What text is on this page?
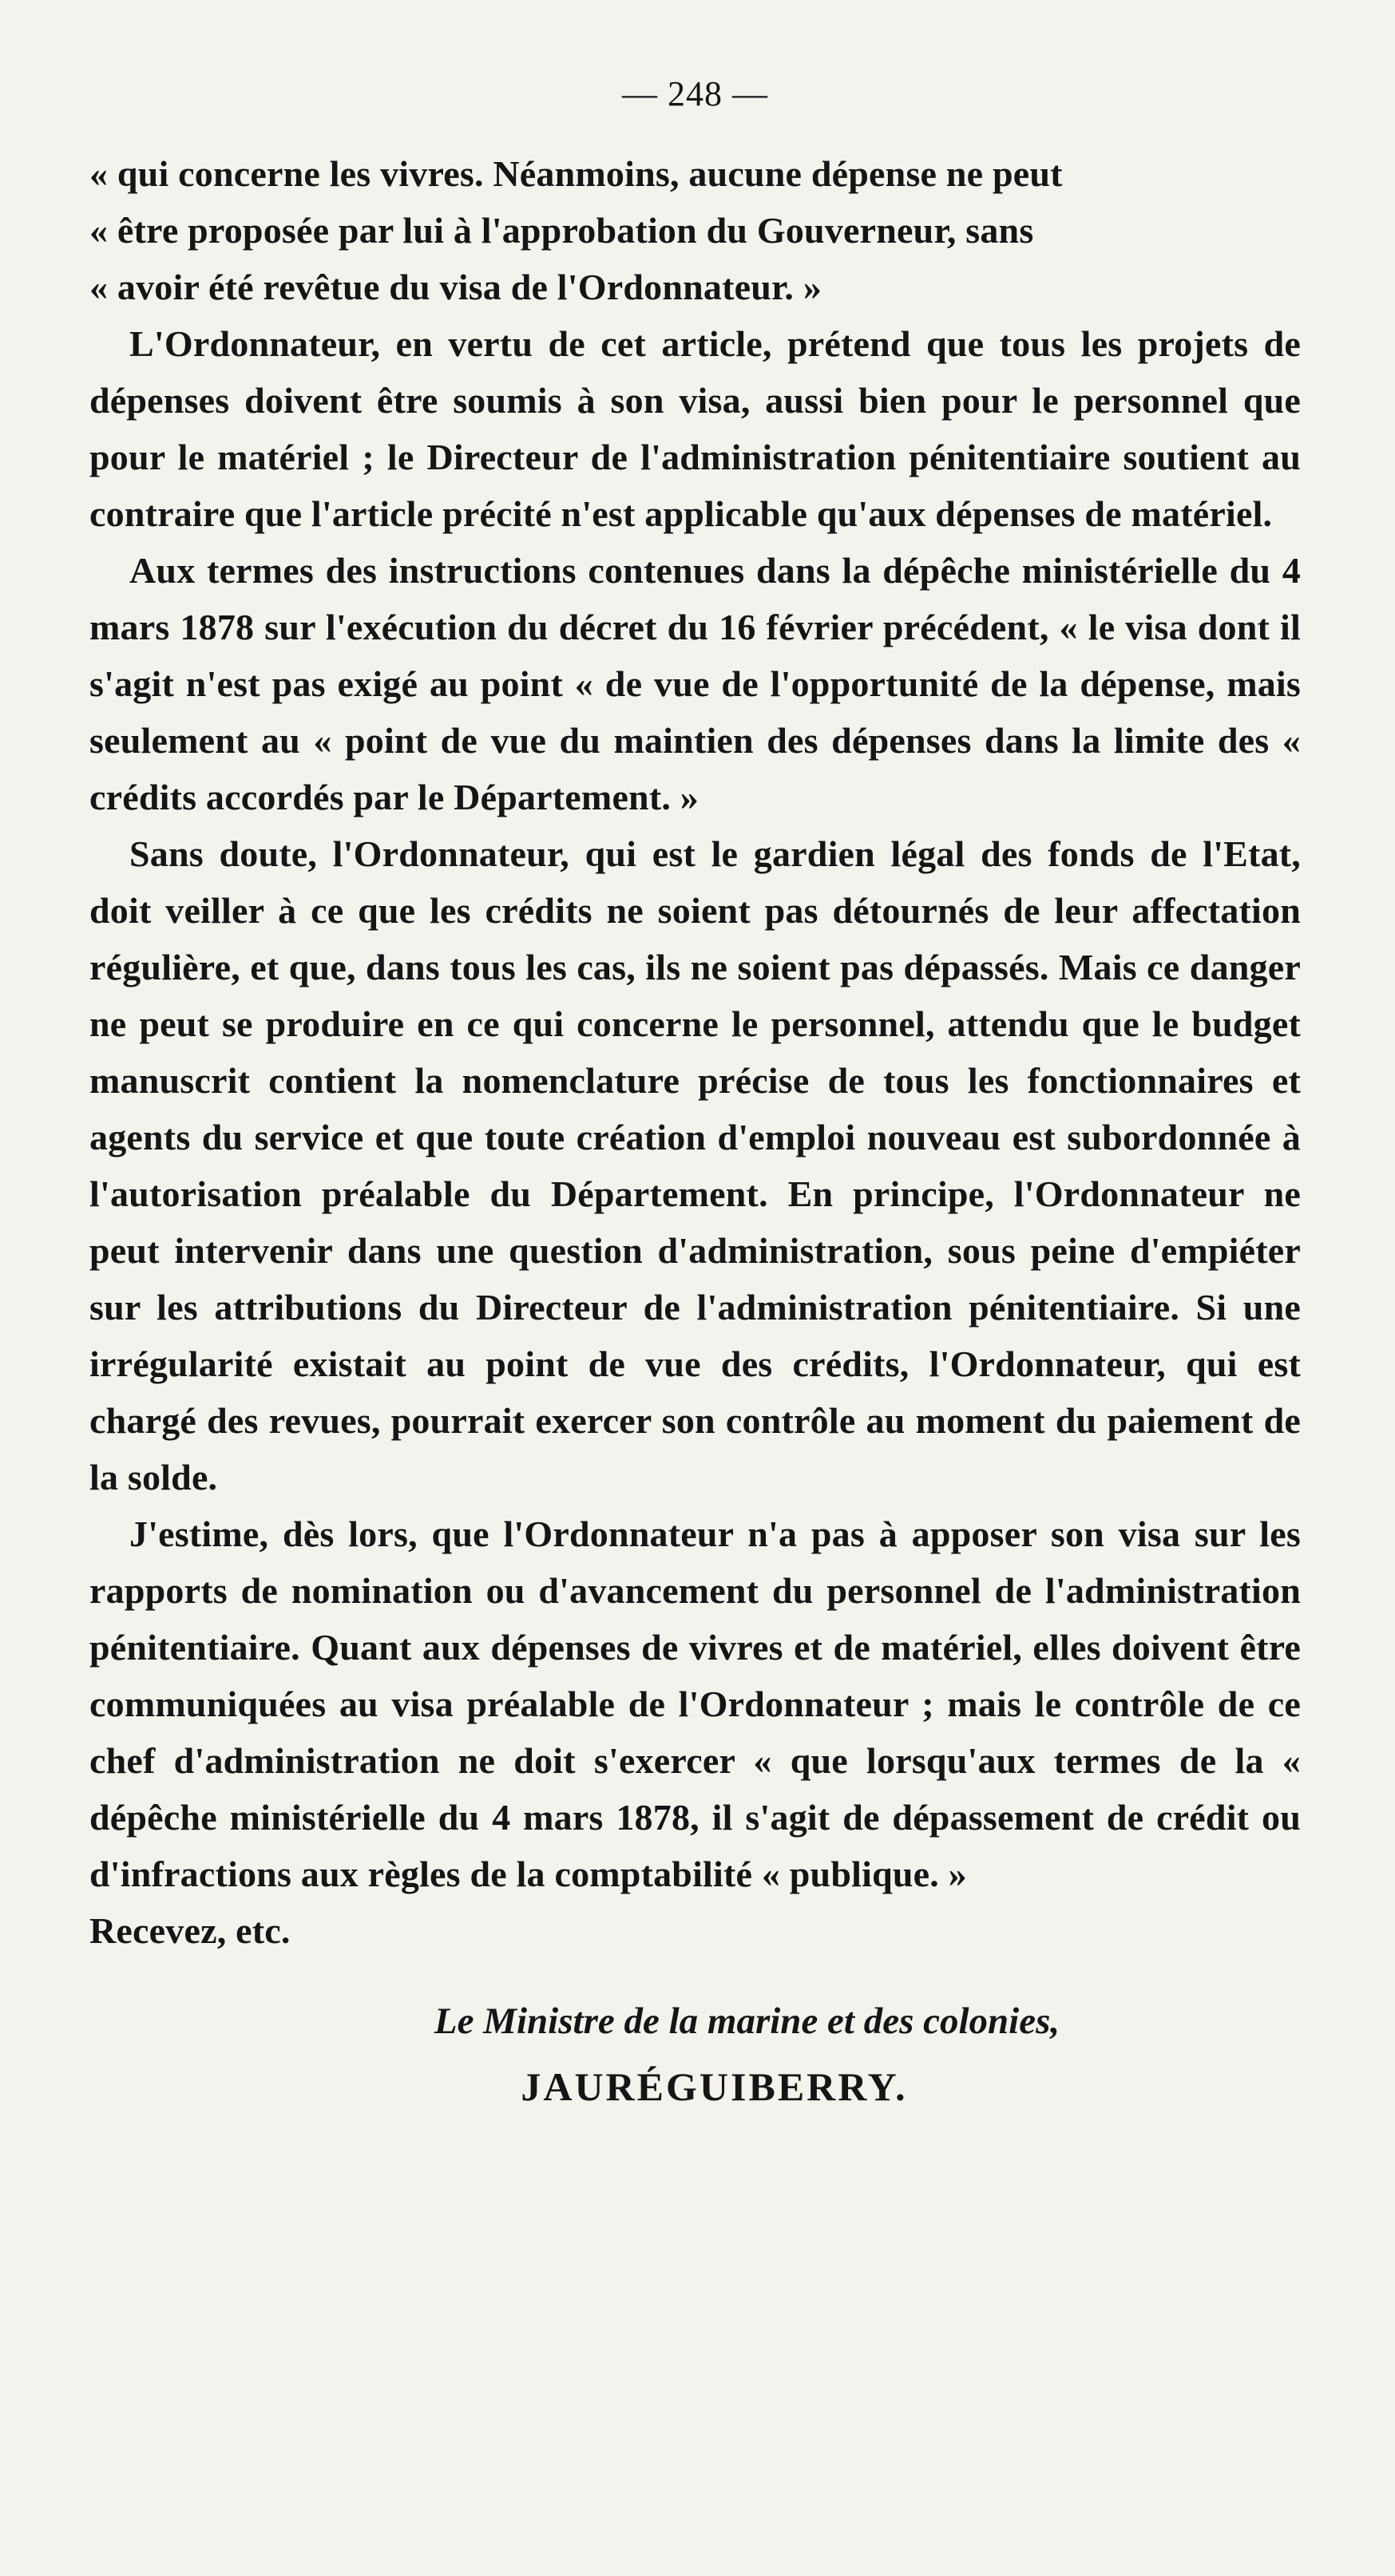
— 248 —

« qui concerne les vivres. Néanmoins, aucune dépense ne peut
« être proposée par lui à l'approbation du Gouverneur, sans
« avoir été revêtue du visa de l'Ordonnateur. »

L'Ordonnateur, en vertu de cet article, prétend que tous les projets de dépenses doivent être soumis à son visa, aussi bien pour le personnel que pour le matériel ; le Directeur de l'administration pénitentiaire soutient au contraire que l'article précité n'est applicable qu'aux dépenses de matériel.

Aux termes des instructions contenues dans la dépêche ministérielle du 4 mars 1878 sur l'exécution du décret du 16 février précédent, « le visa dont il s'agit n'est pas exigé au point « de vue de l'opportunité de la dépense, mais seulement au « point de vue du maintien des dépenses dans la limite des « crédits accordés par le Département. »

Sans doute, l'Ordonnateur, qui est le gardien légal des fonds de l'Etat, doit veiller à ce que les crédits ne soient pas détournés de leur affectation régulière, et que, dans tous les cas, ils ne soient pas dépassés. Mais ce danger ne peut se produire en ce qui concerne le personnel, attendu que le budget manuscrit contient la nomenclature précise de tous les fonctionnaires et agents du service et que toute création d'emploi nouveau est subordonnée à l'autorisation préalable du Département. En principe, l'Ordonnateur ne peut intervenir dans une question d'administration, sous peine d'empiéter sur les attributions du Directeur de l'administration pénitentiaire. Si une irrégularité existait au point de vue des crédits, l'Ordonnateur, qui est chargé des revues, pourrait exercer son contrôle au moment du paiement de la solde.

J'estime, dès lors, que l'Ordonnateur n'a pas à apposer son visa sur les rapports de nomination ou d'avancement du personnel de l'administration pénitentiaire. Quant aux dépenses de vivres et de matériel, elles doivent être communiquées au visa préalable de l'Ordonnateur ; mais le contrôle de ce chef d'administration ne doit s'exercer « que lorsqu'aux termes de la « dépêche ministérielle du 4 mars 1878, il s'agit de dépassement de crédit ou d'infractions aux règles de la comptabilité « publique. »

Recevez, etc.

Le Ministre de la marine et des colonies,
JAURÉGUIBERRY.
